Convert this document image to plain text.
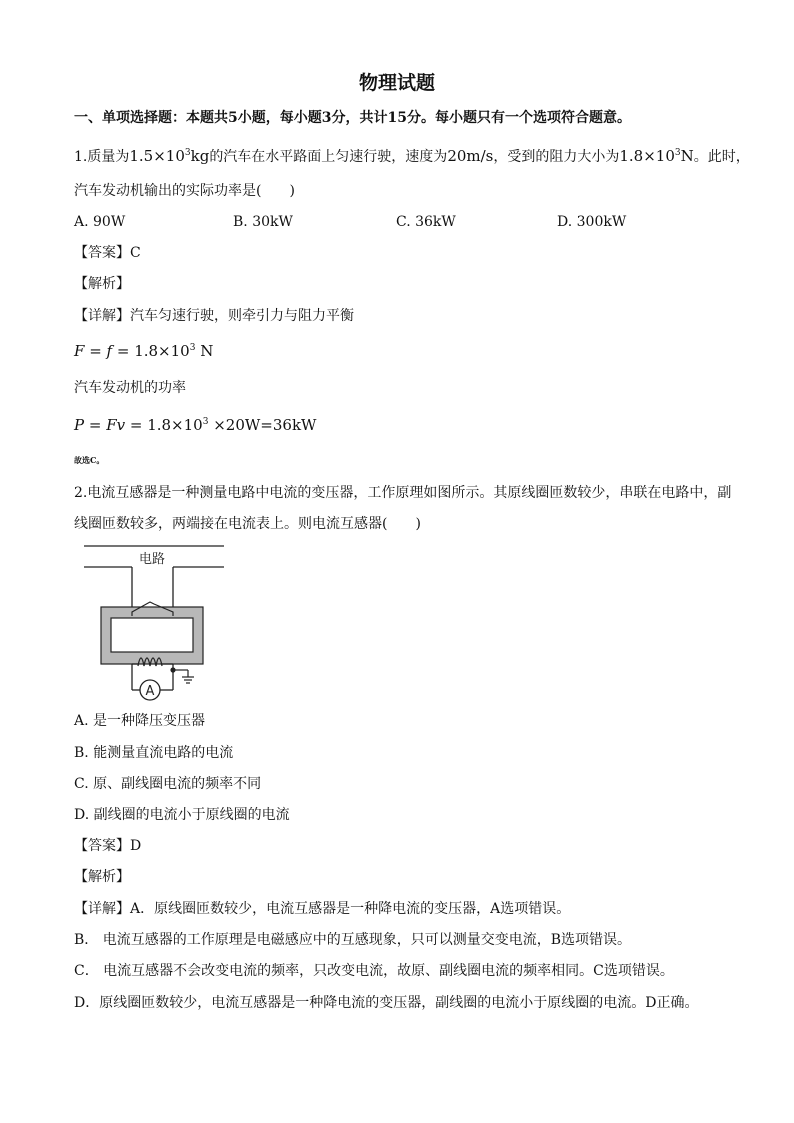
物理试题
一、单项选择题：本题共5小题，每小题3分，共计15分。每小题只有一个选项符合题意。
1.质量为$1.5\times 10^3kg$的汽车在水平路面上匀速行驶，速度为20m/s，受到的阻力大小为$1.8\times 10^3N$。此时，
汽车发动机输出的实际功率是(　　)
A. 90W	B. 30kW	C. 36kW	D. 300kW
【答案】C
【解析】
【详解】汽车匀速行驶，则牵引力与阻力平衡
$F = f = 1.8\times 10^3$ N
汽车发动机的功率
$P = Fv = 1.8\times 10^3 \times 20W=36kW$
故选C。
2.电流互感器是一种测量电路中电流的变压器，工作原理如图所示。其原线圈匝数较少，串联在电路中，副
线圈匝数较多，两端接在电流表上。则电流互感器(　　)
电路
A
A. 是一种降压变压器
B. 能测量直流电路的电流
C. 原、副线圈电流的频率不同
D. 副线圈的电流小于原线圈的电流
【答案】D
【解析】
【详解】A．原线圈匝数较少，电流互感器是一种降电流的变压器，A选项错误。
B． 电流互感器的工作原理是电磁感应中的互感现象，只可以测量交变电流，B选项错误。
C． 电流互感器不会改变电流的频率，只改变电流，故原、副线圈电流的频率相同。C选项错误。
D．原线圈匝数较少，电流互感器是一种降电流的变压器，副线圈的电流小于原线圈的电流。D正确。
